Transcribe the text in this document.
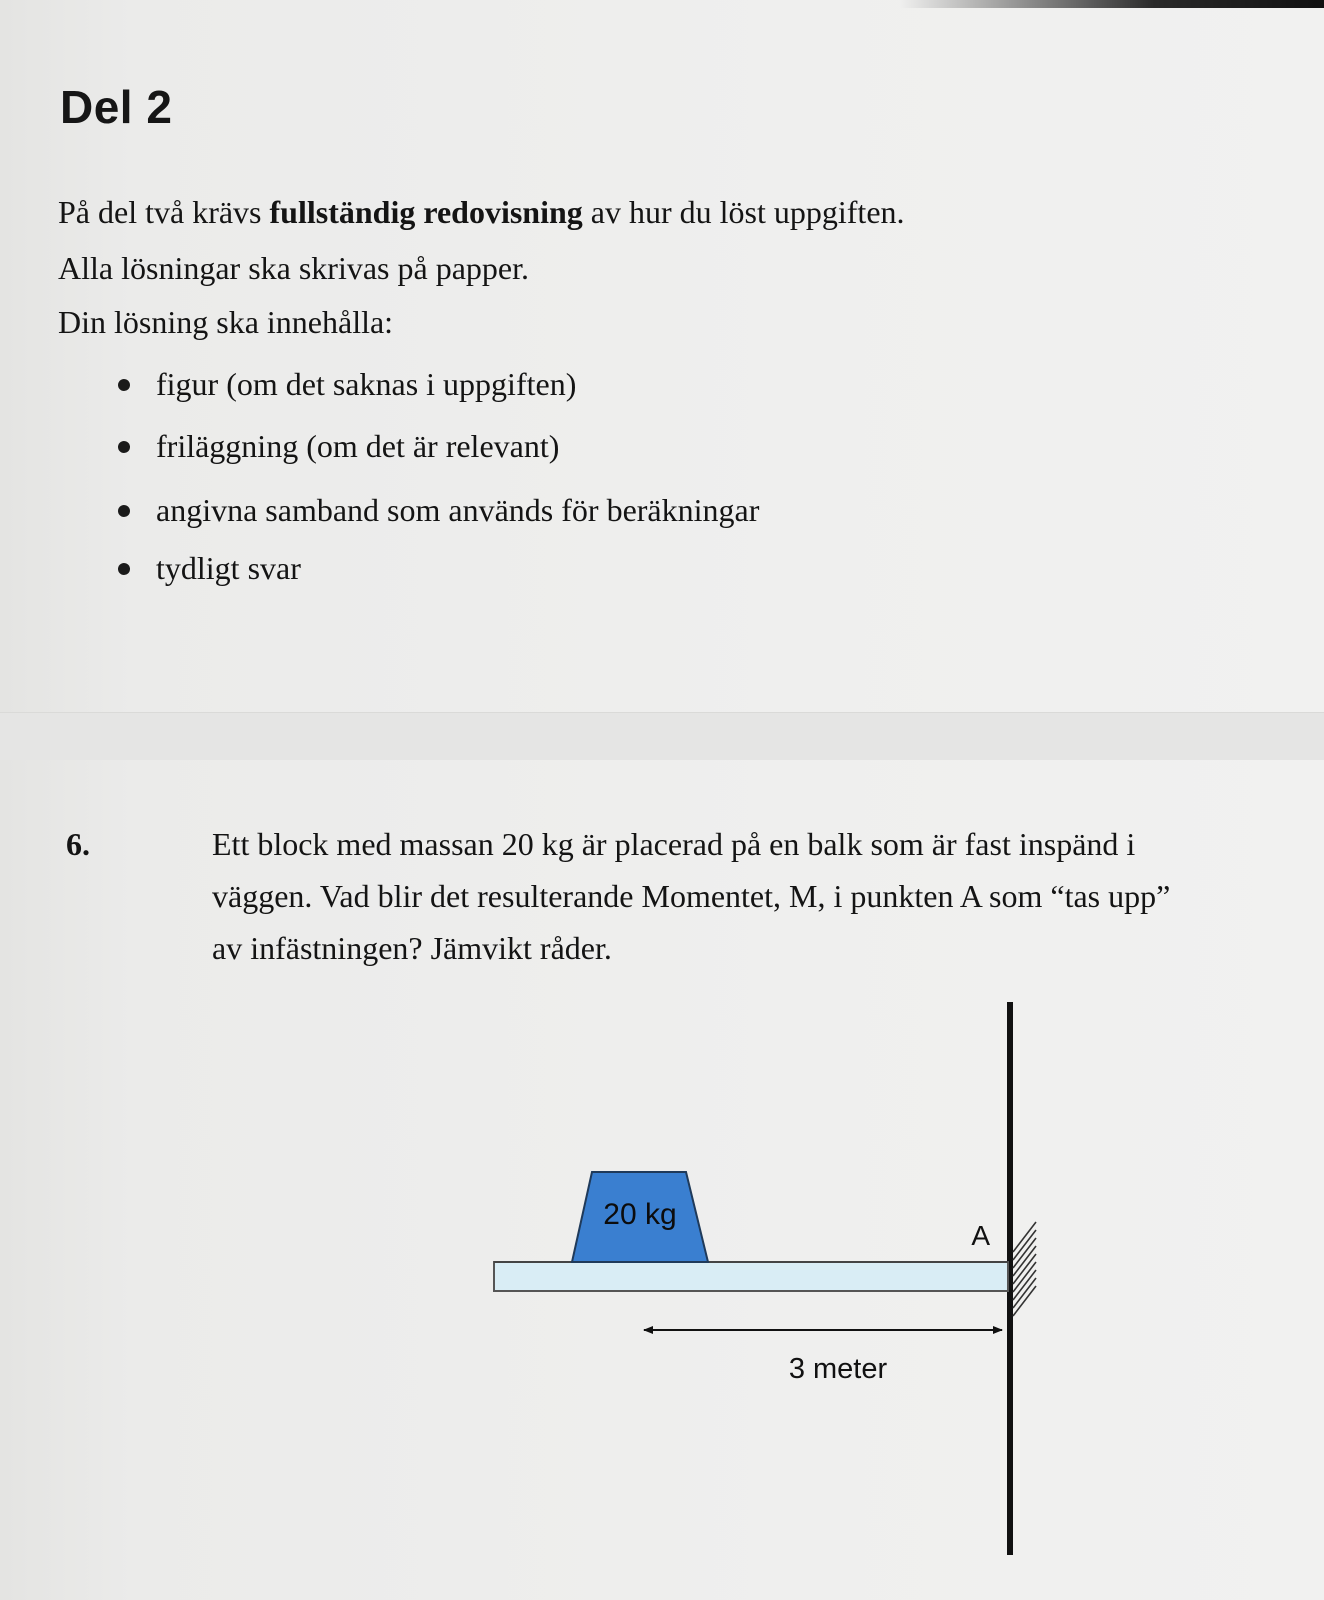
Del 2
På del två krävs fullständig redovisning av hur du löst uppgiften.
Alla lösningar ska skrivas på papper.
Din lösning ska innehålla:
figur (om det saknas i uppgiften)
friläggning (om det är relevant)
angivna samband som används för beräkningar
tydligt svar
6.	Ett block med massan 20 kg är placerad på en balk som är fast inspänd i
väggen. Vad blir det resulterande Momentet, M, i punkten A som “tas upp”
av infästningen? Jämvikt råder.
20 kg
A
3 meter
